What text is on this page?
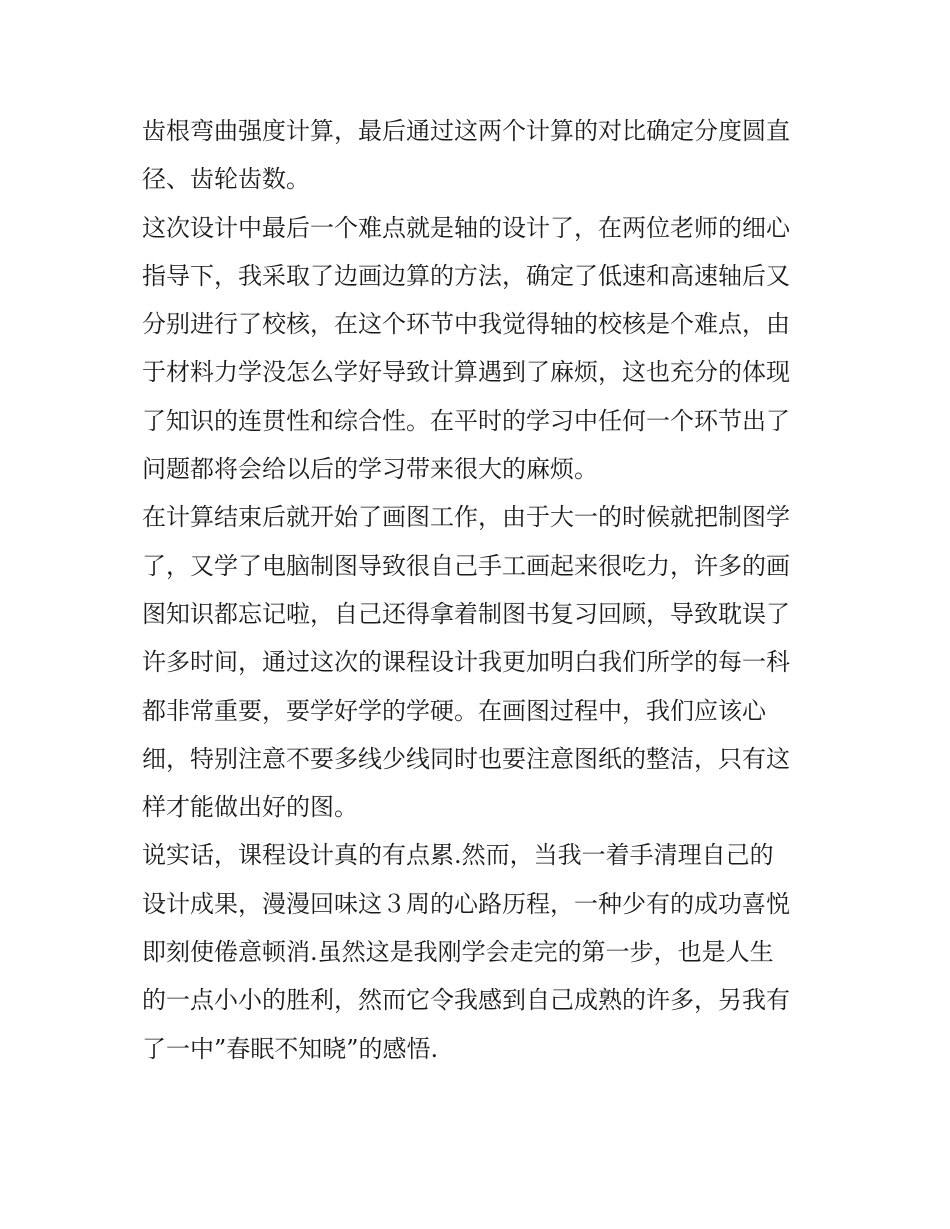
齿根弯曲强度计算，最后通过这两个计算的对比确定分度圆直
径、齿轮齿数。
这次设计中最后一个难点就是轴的设计了，在两位老师的细心
指导下，我采取了边画边算的方法，确定了低速和高速轴后又
分别进行了校核，在这个环节中我觉得轴的校核是个难点，由
于材料力学没怎么学好导致计算遇到了麻烦，这也充分的体现
了知识的连贯性和综合性。在平时的学习中任何一个环节出了
问题都将会给以后的学习带来很大的麻烦。
在计算结束后就开始了画图工作，由于大一的时候就把制图学
了，又学了电脑制图导致很自己手工画起来很吃力，许多的画
图知识都忘记啦，自己还得拿着制图书复习回顾，导致耽误了
许多时间，通过这次的课程设计我更加明白我们所学的每一科
都非常重要，要学好学的学硬。在画图过程中，我们应该心
细，特别注意不要多线少线同时也要注意图纸的整洁，只有这
样才能做出好的图。
说实话，课程设计真的有点累.然而，当我一着手清理自己的
设计成果，漫漫回味这３周的心路历程，一种少有的成功喜悦
即刻使倦意顿消.虽然这是我刚学会走完的第一步，也是人生
的一点小小的胜利，然而它令我感到自己成熟的许多，另我有
了一中”春眠不知晓”的感悟.
